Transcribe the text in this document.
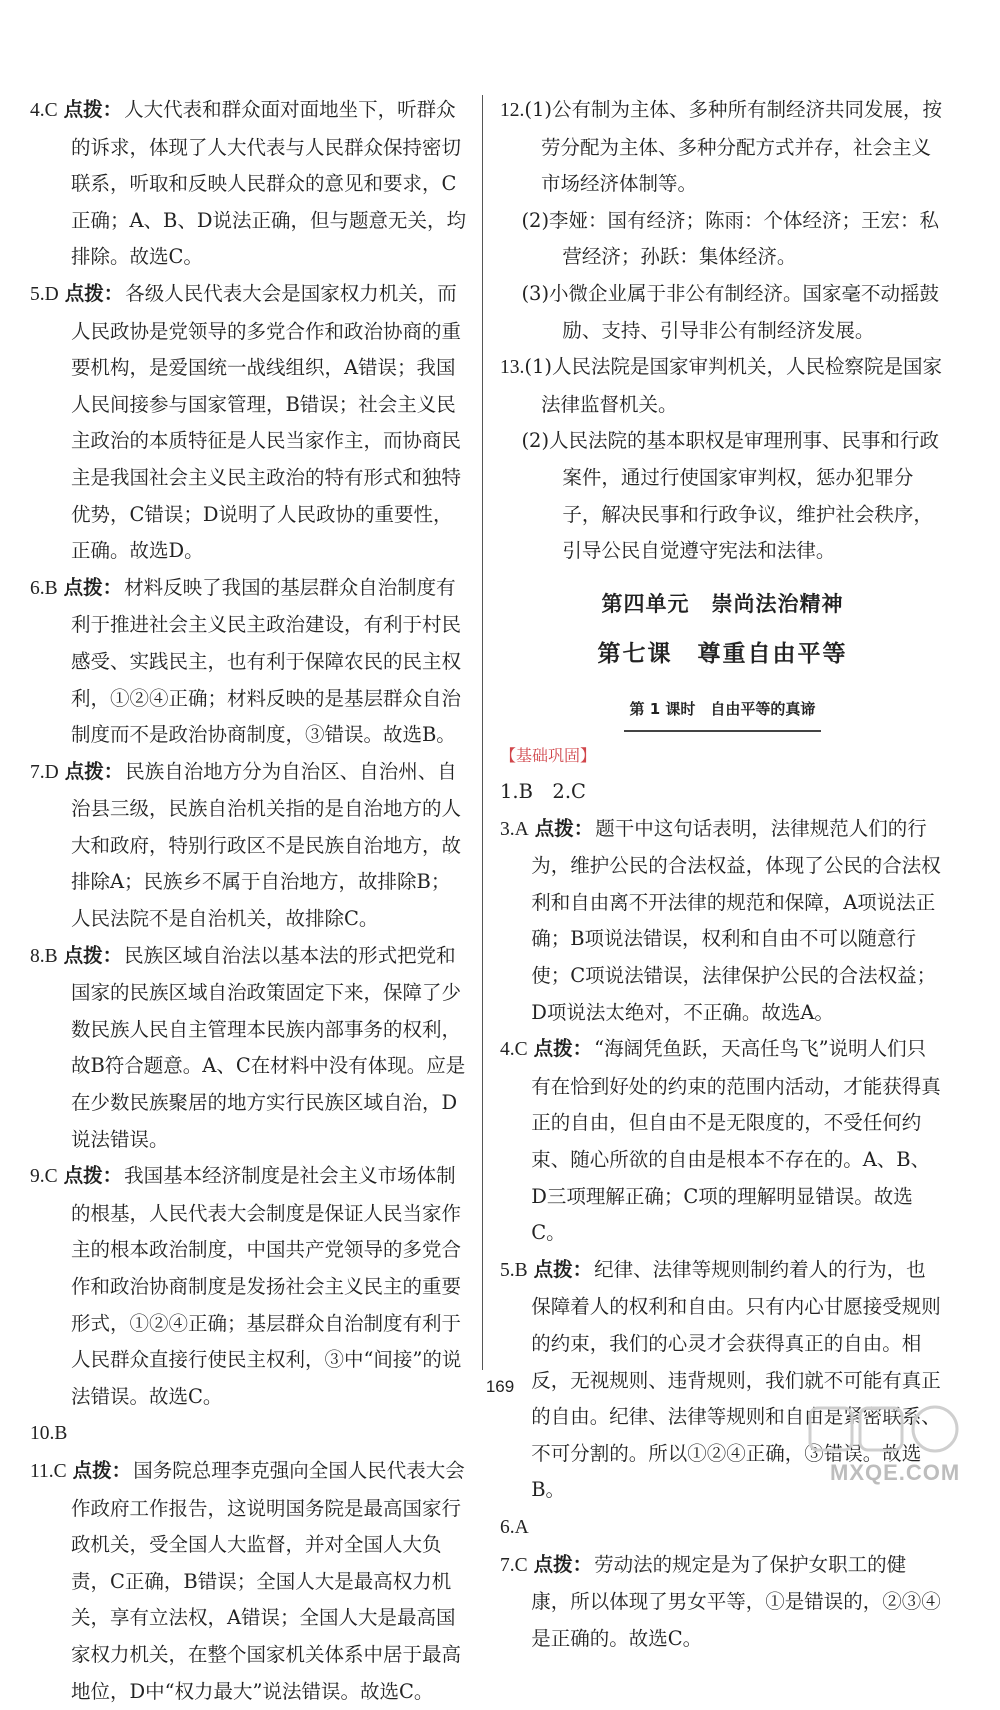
4.C 点拨： 人大代表和群众面对面地坐下，听群众的诉求，体现了人大代表与人民群众保持密切联系，听取和反映人民群众的意见和要求，C正确；A、B、D说法正确，但与题意无关，均排除。故选C。

5.D 点拨： 各级人民代表大会是国家权力机关，而人民政协是党领导的多党合作和政治协商的重要机构，是爱国统一战线组织，A错误；我国人民间接参与国家管理，B错误；社会主义民主政治的本质特征是人民当家作主，而协商民主是我国社会主义民主政治的特有形式和独特优势，C错误；D说明了人民政协的重要性，正确。故选D。

6.B 点拨： 材料反映了我国的基层群众自治制度有利于推进社会主义民主政治建设，有利于村民感受、实践民主，也有利于保障农民的民主权利，①②④正确；材料反映的是基层群众自治制度而不是政治协商制度，③错误。故选B。

7.D 点拨： 民族自治地方分为自治区、自治州、自治县三级，民族自治机关指的是自治地方的人大和政府，特别行政区不是民族自治地方，故排除A；民族乡不属于自治地方，故排除B；人民法院不是自治机关，故排除C。

8.B 点拨： 民族区域自治法以基本法的形式把党和国家的民族区域自治政策固定下来，保障了少数民族人民自主管理本民族内部事务的权利，故B符合题意。A、C在材料中没有体现。应是在少数民族聚居的地方实行民族区域自治，D说法错误。

9.C 点拨： 我国基本经济制度是社会主义市场体制的根基，人民代表大会制度是保证人民当家作主的根本政治制度，中国共产党领导的多党合作和政治协商制度是发扬社会主义民主的重要形式，①②④正确；基层群众自治制度有利于人民群众直接行使民主权利，③中“间接”的说法错误。故选C。

10.B

11.C 点拨： 国务院总理李克强向全国人民代表大会作政府工作报告，这说明国务院是最高国家行政机关，受全国人大监督，并对全国人大负责，C正确，B错误；全国人大是最高权力机关，享有立法权，A错误；全国人大是最高国家权力机关，在整个国家机关体系中居于最高地位，D中“权力最大”说法错误。故选C。

12.(1)公有制为主体、多种所有制经济共同发展，按劳分配为主体、多种分配方式并存，社会主义市场经济体制等。

(2)李娅：国有经济；陈雨：个体经济；王宏：私营经济；孙跃：集体经济。

(3)小微企业属于非公有制经济。国家毫不动摇鼓励、支持、引导非公有制经济发展。

13.(1)人民法院是国家审判机关，人民检察院是国家法律监督机关。

(2)人民法院的基本职权是审理刑事、民事和行政案件，通过行使国家审判权，惩办犯罪分子，解决民事和行政争议，维护社会秩序，引导公民自觉遵守宪法和法律。

第四单元　崇尚法治精神
第七课　尊重自由平等
第 1 课时　自由平等的真谛

【基础巩固】

1.B　2.C

3.A 点拨： 题干中这句话表明，法律规范人们的行为，维护公民的合法权益，体现了公民的合法权利和自由离不开法律的规范和保障，A项说法正确；B项说法错误，权利和自由不可以随意行使；C项说法错误，法律保护公民的合法权益；D项说法太绝对，不正确。故选A。

4.C 点拨： “海阔凭鱼跃，天高任鸟飞”说明人们只有在恰到好处的约束的范围内活动，才能获得真正的自由，但自由不是无限度的，不受任何约束、随心所欲的自由是根本不存在的。A、B、D三项理解正确；C项的理解明显错误。故选C。

5.B 点拨： 纪律、法律等规则制约着人的行为，也保障着人的权利和自由。只有内心甘愿接受规则的约束，我们的心灵才会获得真正的自由。相反，无视规则、违背规则，我们就不可能有真正的自由。纪律、法律等规则和自由是紧密联系、不可分割的。所以①②④正确，③错误。故选B。

6.A

7.C 点拨： 劳动法的规定是为了保护女职工的健康，所以体现了男女平等，①是错误的，②③④是正确的。故选C。

169
MXQE.COM
